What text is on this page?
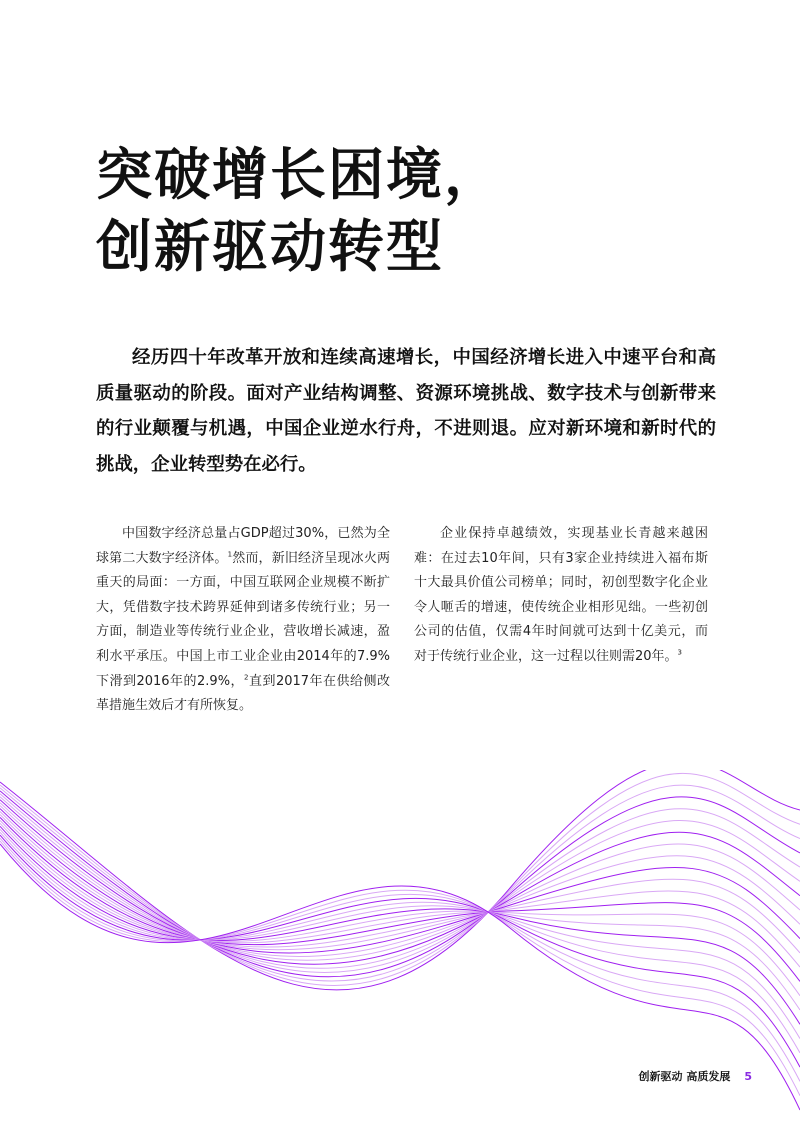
突破增长困境，
创新驱动转型

经历四十年改革开放和连续高速增长，中国经济增长进入中速平台和高质量驱动的阶段。面对产业结构调整、资源环境挑战、数字技术与创新带来的行业颠覆与机遇，中国企业逆水行舟，不进则退。应对新环境和新时代的挑战，企业转型势在必行。

中国数字经济总量占GDP超过30%，已然为全球第二大数字经济体。$^1$然而，新旧经济呈现冰火两重天的局面：一方面，中国互联网企业规模不断扩大，凭借数字技术跨界延伸到诸多传统行业；另一方面，制造业等传统行业企业，营收增长减速，盈利水平承压。中国上市工业企业由2014年的7.9%下滑到2016年的2.9%，$^2$直到2017年在供给侧改革措施生效后才有所恢复。

企业保持卓越绩效，实现基业长青越来越困难：在过去10年间，只有3家企业持续进入福布斯十大最具价值公司榜单；同时，初创型数字化企业令人咂舌的增速，使传统企业相形见绌。一些初创公司的估值，仅需4年时间就可达到十亿美元，而对于传统行业企业，这一过程以往则需20年。$^3$

创新驱动 高质发展 5
